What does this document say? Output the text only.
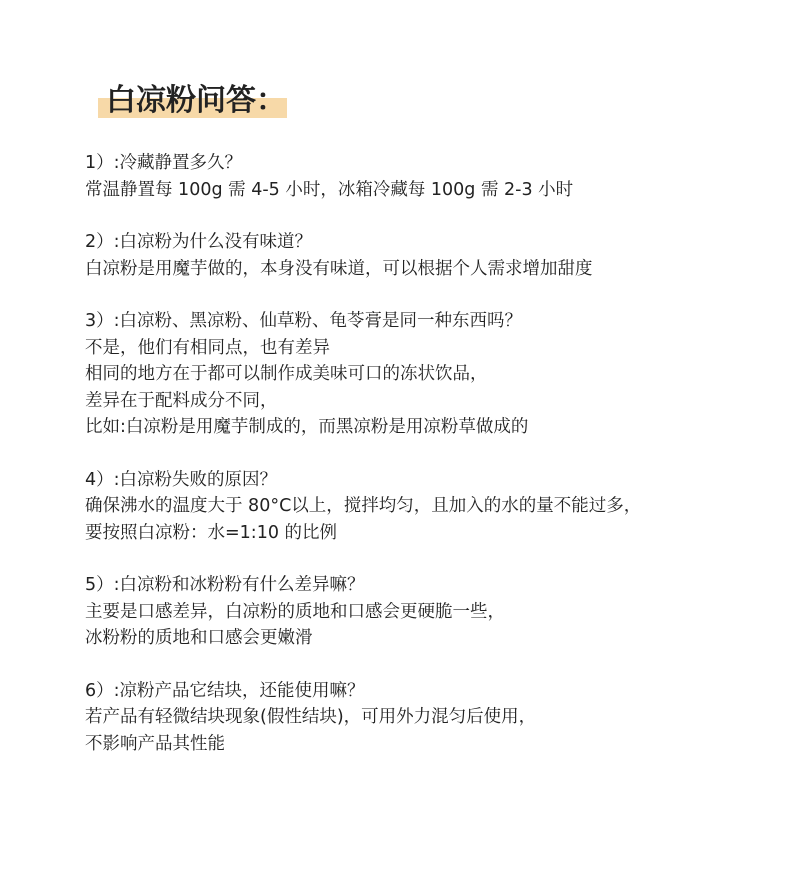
白凉粉问答：
1）:冷藏静置多久？
常温静置每 100g 需 4-5 小时，冰箱冷藏每 100g 需 2-3 小时
2）:白凉粉为什么没有味道？
白凉粉是用魔芋做的，本身没有味道，可以根据个人需求增加甜度
3）:白凉粉、黑凉粉、仙草粉、龟苓膏是同一种东西吗？
不是，他们有相同点，也有差异
相同的地方在于都可以制作成美味可口的冻状饮品，
差异在于配料成分不同，
比如:白凉粉是用魔芋制成的，而黑凉粉是用凉粉草做成的
4）:白凉粉失败的原因？
确保沸水的温度大于 80°C以上，搅拌均匀，且加入的水的量不能过多，
要按照白凉粉：水=1:10 的比例
5）:白凉粉和冰粉粉有什么差异嘛？
主要是口感差异，白凉粉的质地和口感会更硬脆一些，
冰粉粉的质地和口感会更嫩滑
6）:凉粉产品它结块，还能使用嘛？
若产品有轻微结块现象(假性结块)，可用外力混匀后使用，
不影响产品其性能
